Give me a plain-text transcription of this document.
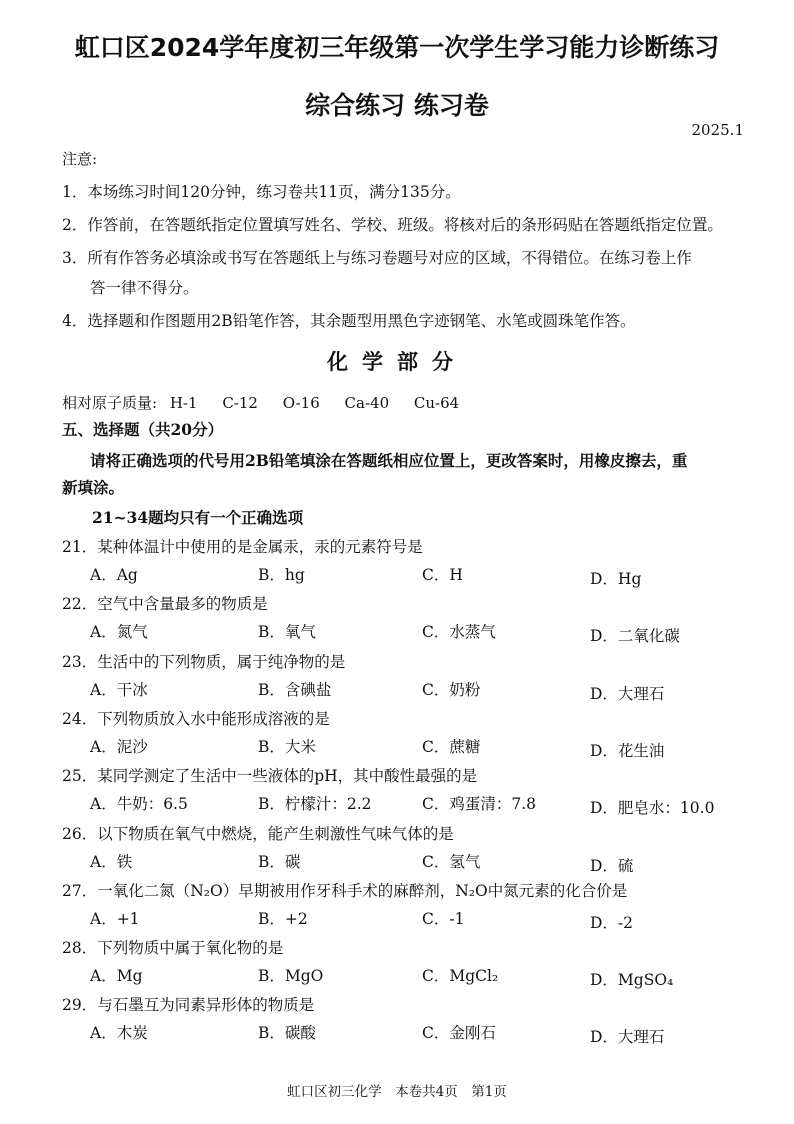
虹口区2024学年度初三年级第一次学生学习能力诊断练习
综合练习 练习卷
2025.1
注意:
1．本场练习时间120分钟，练习卷共11页，满分135分。
2．作答前，在答题纸指定位置填写姓名、学校、班级。将核对后的条形码贴在答题纸指定位置。
3．所有作答务必填涂或书写在答题纸上与练习卷题号对应的区域，不得错位。在练习卷上作
答一律不得分。
4．选择题和作图题用2B铅笔作答，其余题型用黑色字迹钢笔、水笔或圆珠笔作答。
化学部分
相对原子质量: H-1 C-12 O-16 Ca-40 Cu-64
五、选择题（共20分）
请将正确选项的代号用2B铅笔填涂在答题纸相应位置上，更改答案时，用橡皮擦去，重
新填涂。
21~34题均只有一个正确选项
21．某种体温计中使用的是金属汞，汞的元素符号是
A．Ag	B．hg	C．H	D．Hg
22．空气中含量最多的物质是
A．氮气	B．氧气	C．水蒸气	D．二氧化碳
23．生活中的下列物质，属于纯净物的是
A．干冰	B．含碘盐	C．奶粉	D．大理石
24．下列物质放入水中能形成溶液的是
A．泥沙	B．大米	C．蔗糖	D．花生油
25．某同学测定了生活中一些液体的pH，其中酸性最强的是
A．牛奶：6.5	B．柠檬汁：2.2	C．鸡蛋清：7.8	D．肥皂水：10.0
26．以下物质在氧气中燃烧，能产生刺激性气味气体的是
A．铁	B．碳	C．氢气	D．硫
27．一氧化二氮（N₂O）早期被用作牙科手术的麻醉剂，N₂O中氮元素的化合价是
A．+1	B．+2	C．-1	D．-2
28．下列物质中属于氧化物的是
A．Mg	B．MgO	C．MgCl₂	D．MgSO₄
29．与石墨互为同素异形体的物质是
A．木炭	B．碳酸	C．金刚石	D．大理石
虹口区初三化学　本卷共4页　第1页
